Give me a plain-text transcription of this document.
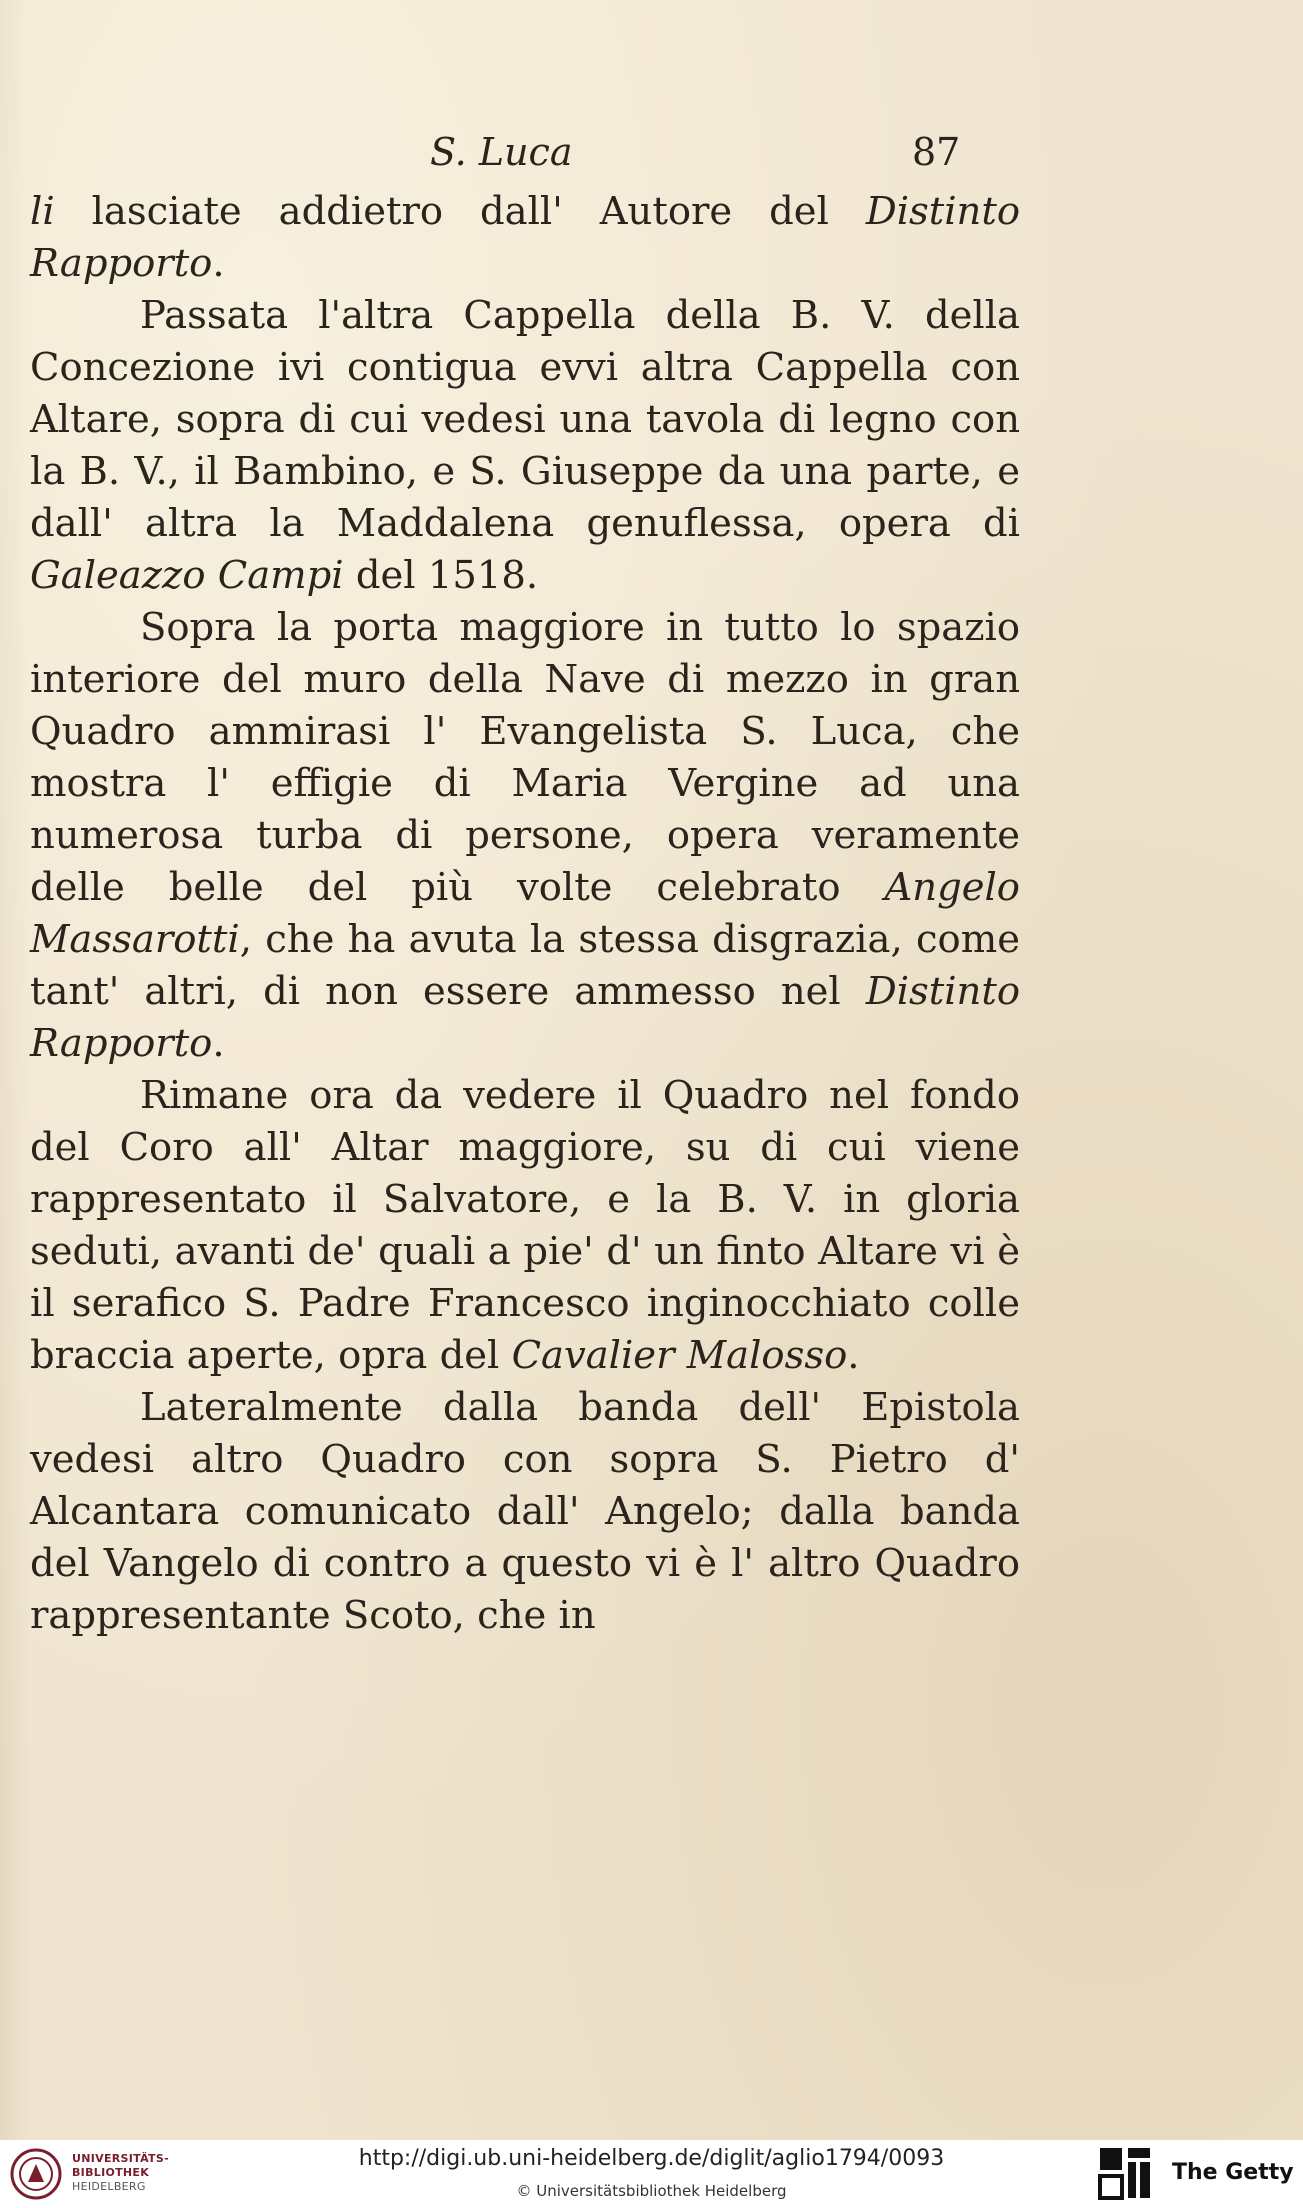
S. Luca	87

li lasciate addietro dall' Autore del Distinto Rapporto.

Passata l'altra Cappella della B. V. della Concezione ivi contigua evvi altra Cappella con Altare, sopra di cui vedesi una tavola di legno con la B. V., il Bambino, e S. Giuseppe da una parte, e dall' altra la Maddalena genuflessa, opera di Galeazzo Campi del 1518.

Sopra la porta maggiore in tutto lo spazio interiore del muro della Nave di mezzo in gran Quadro ammirasi l' Evangelista S. Luca, che mostra l' effigie di Maria Vergine ad una numerosa turba di persone, opera veramente delle belle del più volte celebrato Angelo Massarotti, che ha avuta la stessa disgrazia, come tant' altri, di non essere ammesso nel Distinto Rapporto.

Rimane ora da vedere il Quadro nel fondo del Coro all' Altar maggiore, su di cui viene rappresentato il Salvatore, e la B. V. in gloria seduti, avanti de' quali a pie' d' un finto Altare vi è il serafico S. Padre Francesco inginocchiato colle braccia aperte, opra del Cavalier Malosso.

Lateralmente dalla banda dell' Epistola vedesi altro Quadro con sopra S. Pietro d' Alcantara comunicato dall' Angelo; dalla banda del Vangelo di contro a questo vi è l' altro Quadro rappresentante Scoto, che in

UNIVERSITÄTS-
BIBLIOTHEK
HEIDELBERG
http://digi.ub.uni-heidelberg.de/diglit/aglio1794/0093
© Universitätsbibliothek Heidelberg
The Getty
